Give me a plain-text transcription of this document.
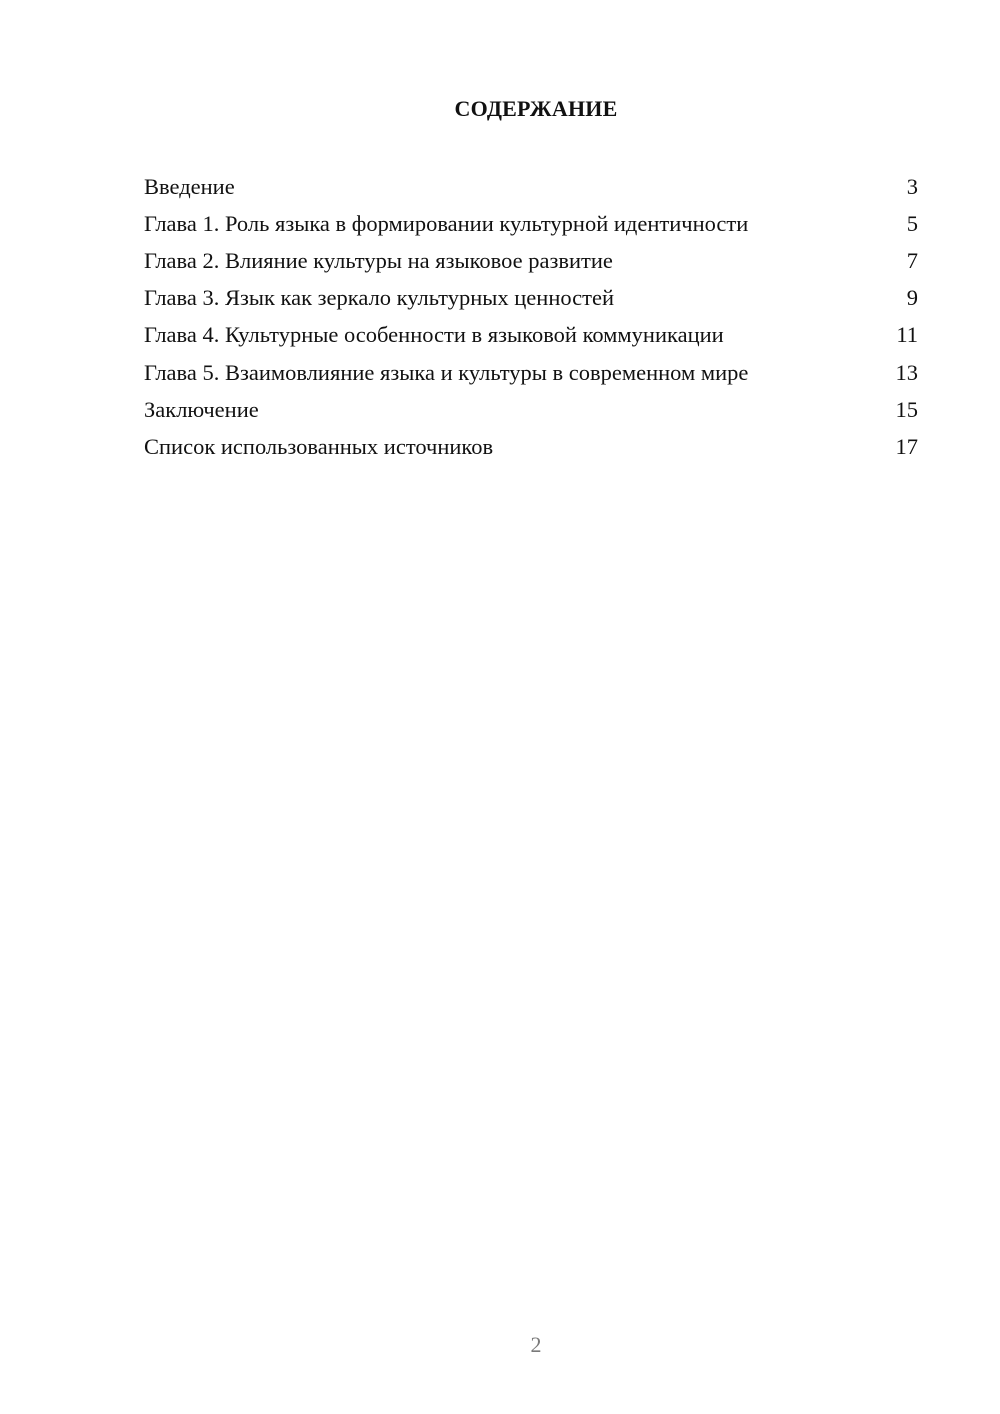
СОДЕРЖАНИЕ
Введение	3
Глава 1. Роль языка в формировании культурной идентичности	5
Глава 2. Влияние культуры на языковое развитие	7
Глава 3. Язык как зеркало культурных ценностей	9
Глава 4. Культурные особенности в языковой коммуникации	11
Глава 5. Взаимовлияние языка и культуры в современном мире	13
Заключение	15
Список использованных источников	17
2
